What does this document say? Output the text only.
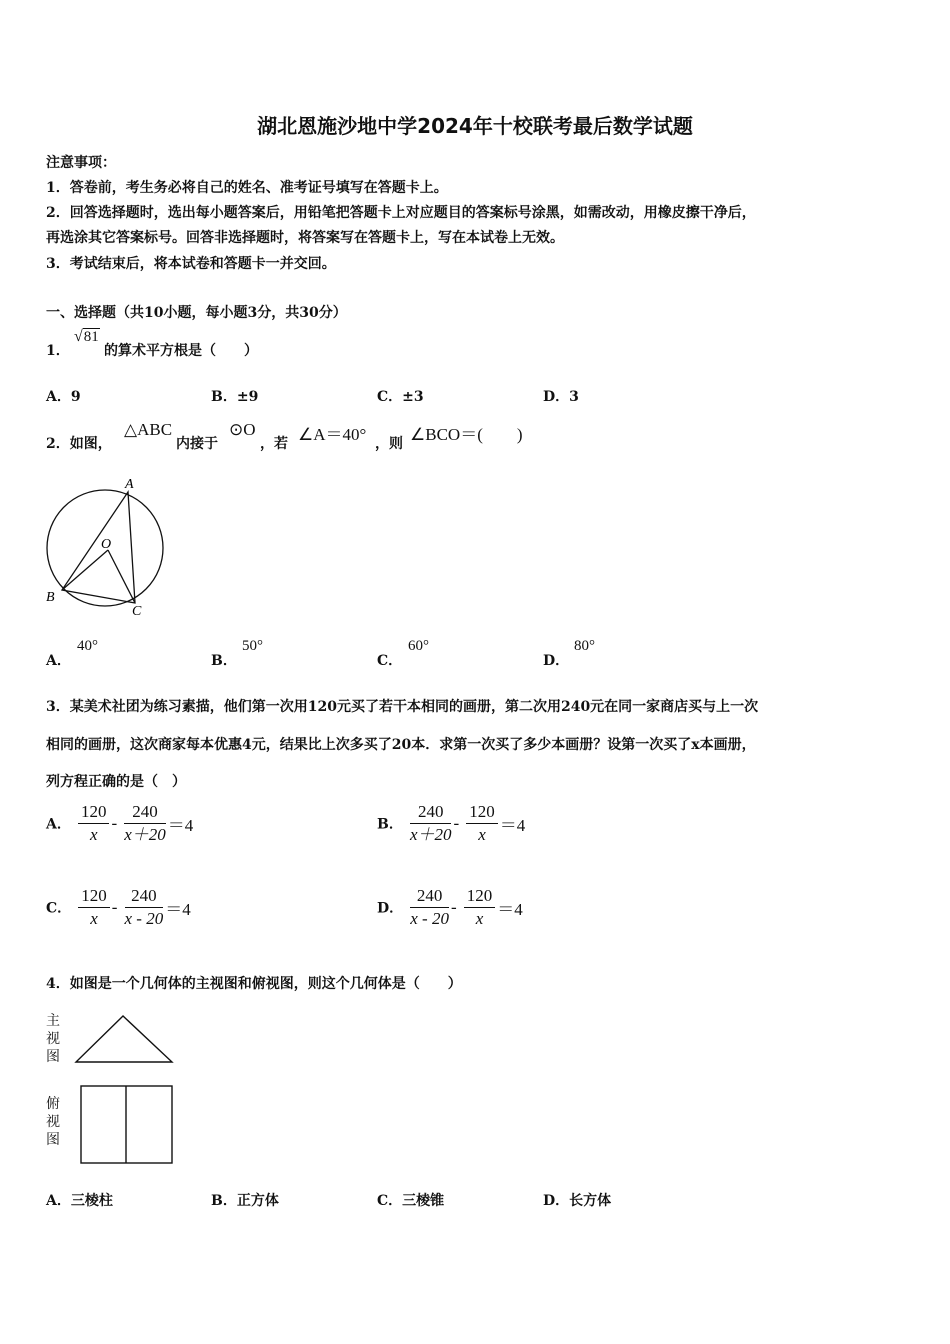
湖北恩施沙地中学2024年十校联考最后数学试题
注意事项：
1．答卷前，考生务必将自己的姓名、准考证号填写在答题卡上。
2．回答选择题时，选出每小题答案后，用铅笔把答题卡上对应题目的答案标号涂黑，如需改动，用橡皮擦干净后，
再选涂其它答案标号。回答非选择题时，将答案写在答题卡上，写在本试卷上无效。
3．考试结束后，将本试卷和答题卡一并交回。
一、选择题（共10小题，每小题3分，共30分）
1．
√81
的算术平方根是（　　）
A．9	B．±9	C．±3	D．3
2．如图，
△ABC
内接于
⊙O
，若 ∠A＝40° ，则 ∠BCO＝(　　)
A
O
B
C
A．
40°
B．
50°
C．
60°
D．
80°
3．某美术社团为练习素描，他们第一次用120元买了若干本相同的画册，第二次用240元在同一家商店买与上一次
相同的画册，这次商家每本优惠4元，结果比上次多买了20本．求第一次买了多少本画册？设第一次买了x本画册，
列方程正确的是（　）
A． $\frac{120}{x} - \frac{240}{x+20} =4$	B． $\frac{240}{x+20} - \frac{120}{x} =4$
C． $\frac{120}{x} - \frac{240}{x - 20} =4$	D． $\frac{240}{x - 20} - \frac{120}{x} =4$
4．如图是一个几何体的主视图和俯视图，则这个几何体是（　　）
主
视
图
俯
视
图
A．三棱柱	B．正方体	C．三棱锥	D．长方体
